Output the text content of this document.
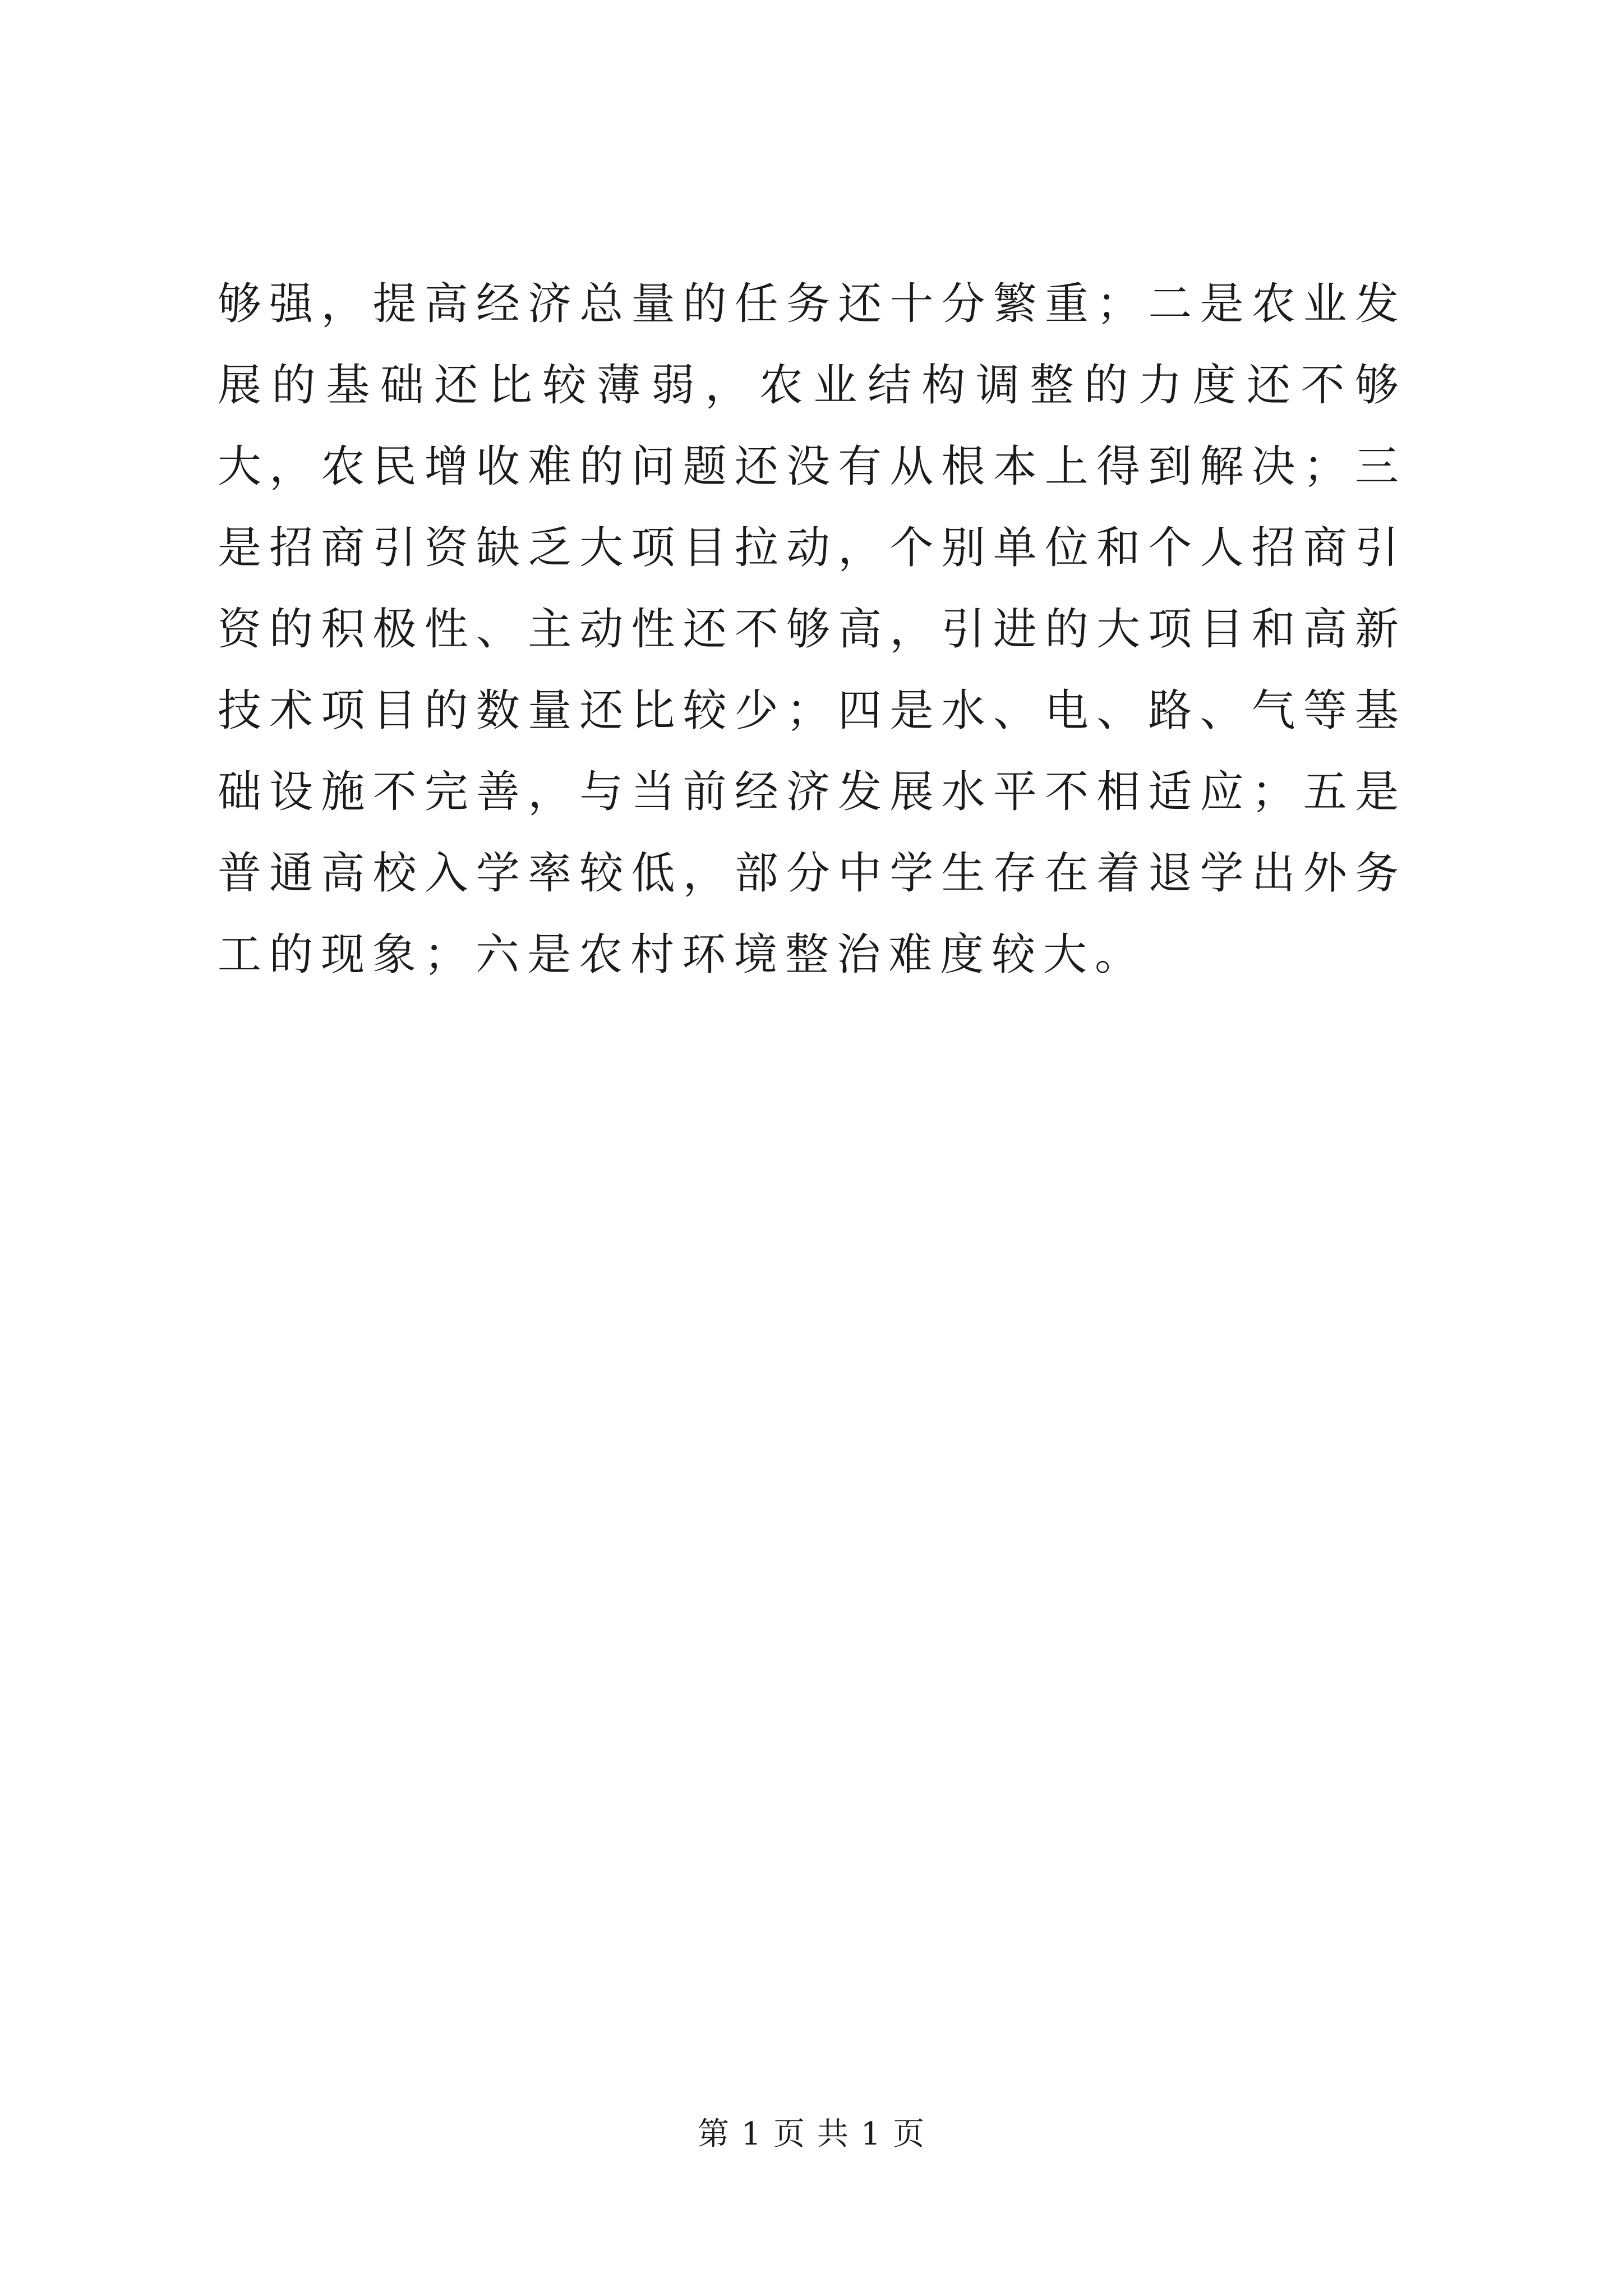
够强，提高经济总量的任务还十分繁重；二是农业发展的基础还比较薄弱，农业结构调整的力度还不够大，农民增收难的问题还没有从根本上得到解决；三是招商引资缺乏大项目拉动，个别单位和个人招商引资的积极性、主动性还不够高，引进的大项目和高新技术项目的数量还比较少；四是水、电、路、气等基础设施不完善，与当前经济发展水平不相适应；五是普通高校入学率较低，部分中学生存在着退学出外务工的现象；六是农村环境整治难度较大。

第 1 页 共 1 页
